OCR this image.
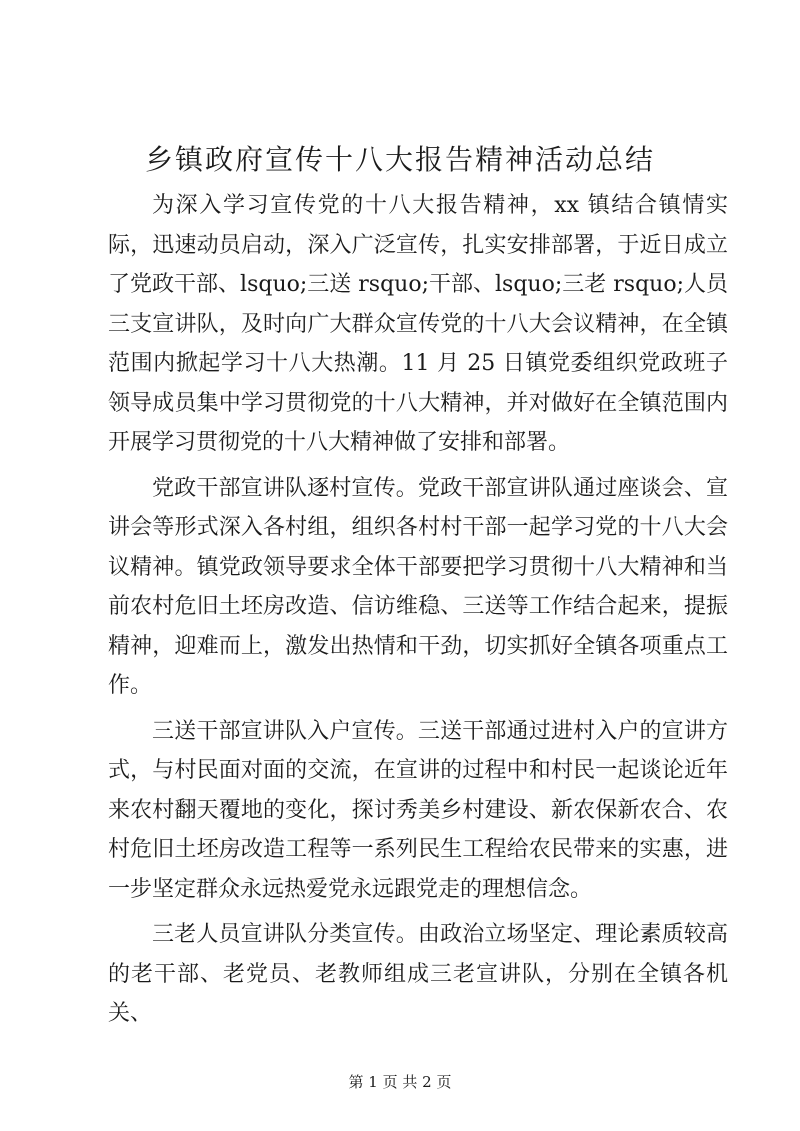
乡镇政府宣传十八大报告精神活动总结

为深入学习宣传党的十八大报告精神，xx 镇结合镇情实际，迅速动员启动，深入广泛宣传，扎实安排部署，于近日成立了党政干部、lsquo;三送 rsquo;干部、lsquo;三老 rsquo;人员三支宣讲队，及时向广大群众宣传党的十八大会议精神，在全镇范围内掀起学习十八大热潮。11 月 25 日镇党委组织党政班子领导成员集中学习贯彻党的十八大精神，并对做好在全镇范围内开展学习贯彻党的十八大精神做了安排和部署。

党政干部宣讲队逐村宣传。党政干部宣讲队通过座谈会、宣讲会等形式深入各村组，组织各村村干部一起学习党的十八大会议精神。镇党政领导要求全体干部要把学习贯彻十八大精神和当前农村危旧土坯房改造、信访维稳、三送等工作结合起来，提振精神，迎难而上，激发出热情和干劲，切实抓好全镇各项重点工作。

三送干部宣讲队入户宣传。三送干部通过进村入户的宣讲方式，与村民面对面的交流，在宣讲的过程中和村民一起谈论近年来农村翻天覆地的变化，探讨秀美乡村建设、新农保新农合、农村危旧土坯房改造工程等一系列民生工程给农民带来的实惠，进一步坚定群众永远热爱党永远跟党走的理想信念。

三老人员宣讲队分类宣传。由政治立场坚定、理论素质较高的老干部、老党员、老教师组成三老宣讲队，分别在全镇各机关、

第 1 页 共 2 页
